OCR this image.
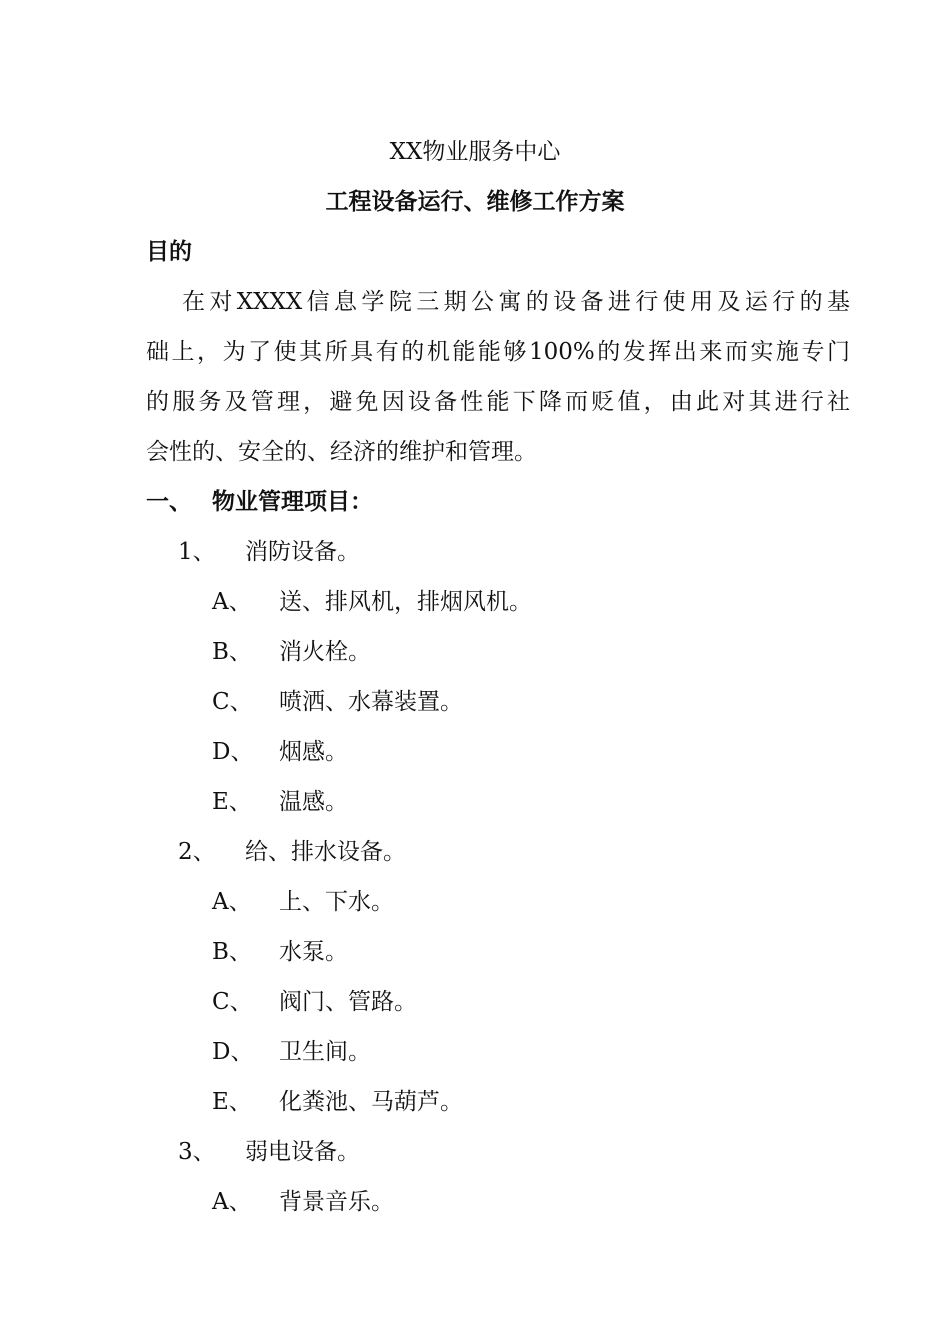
XX物业服务中心
工程设备运行、维修工作方案
目的
在对XXXX信息学院三期公寓的设备进行使用及运行的基
础上，为了使其所具有的机能能够100%的发挥出来而实施专门
的服务及管理，避免因设备性能下降而贬值，由此对其进行社
会性的、安全的、经济的维护和管理。
一、 物业管理项目：
1、 消防设备。
A、 送、排风机，排烟风机。
B、 消火栓。
C、 喷洒、水幕装置。
D、 烟感。
E、 温感。
2、 给、排水设备。
A、 上、下水。
B、 水泵。
C、 阀门、管路。
D、 卫生间。
E、 化粪池、马葫芦。
3、 弱电设备。
A、 背景音乐。
